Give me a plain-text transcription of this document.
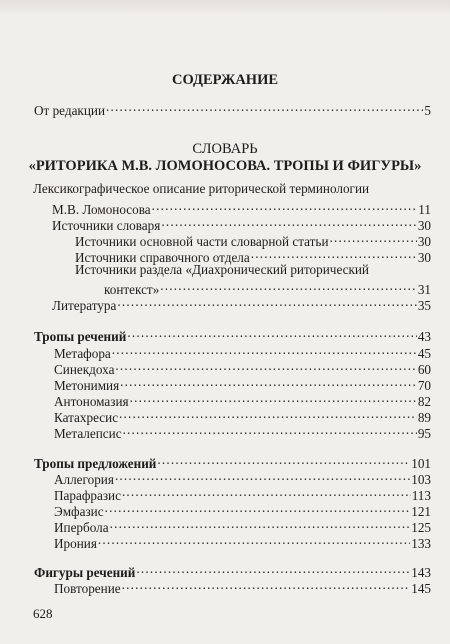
СОДЕРЖАНИЕ
От редакции .....	5
СЛОВАРЬ
«РИТОРИКА М.В. ЛОМОНОСОВА. ТРОПЫ И ФИГУРЫ»
Лексикографическое описание риторической терминологии
М.В. Ломоносова .....	11
Источники словаря .....	30
Источники основной части словарной статьи .....	30
Источники справочного отдела .....	30
Источники раздела «Диахронический риторический
контекст» .....	31
Литература .....	35
Тропы речений .....	43
Метафора .....	45
Синекдоха .....	60
Метонимия .....	70
Антономазия .....	82
Катахресис .....	89
Металепсис .....	95
Тропы предложений .....	101
Аллегория .....	103
Парафразис .....	113
Эмфазис .....	121
Иперболa .....	125
Ирония .....	133
Фигуры речений .....	143
Повторение .....	145
628
